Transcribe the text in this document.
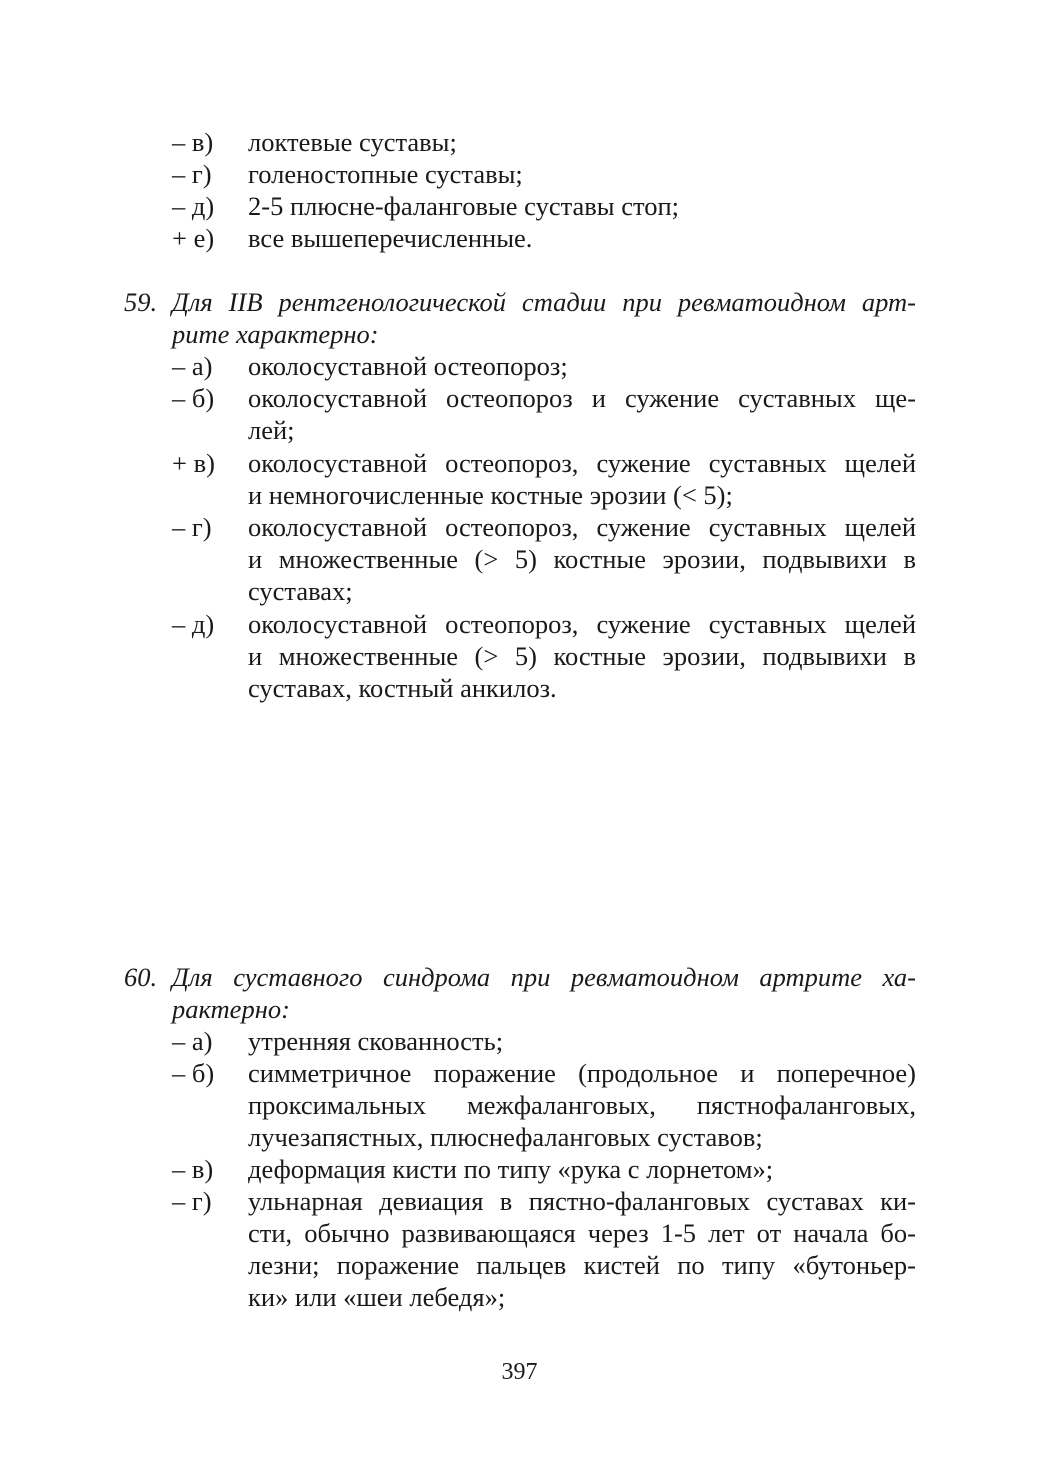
– в)	локтевые суставы;
– г)	голеностопные суставы;
– д)	2-5 плюсне-фаланговые суставы стоп;
+ е)	все вышеперечисленные.
59. Для IIВ рентгенологической стадии при ревматоидном арт-
рите характерно:
– а)	околосуставной остеопороз;
– б)	околосуставной остеопороз и сужение суставных ще-
лей;
+ в)	околосуставной остеопороз, сужение суставных щелей
и немногочисленные костные эрозии (< 5);
– г)	околосуставной остеопороз, сужение суставных щелей
и множественные (> 5) костные эрозии, подвывихи в
суставах;
– д)	околосуставной остеопороз, сужение суставных щелей
и множественные (> 5) костные эрозии, подвывихи в
суставах, костный анкилоз.
60. Для суставного синдрома при ревматоидном артрите ха-
рактерно:
– а)	утренняя скованность;
– б)	симметричное поражение (продольное и поперечное)
проксимальных межфаланговых, пястнофаланговых,
лучезапястных, плюснефаланговых суставов;
– в)	деформация кисти по типу «рука с лорнетом»;
– г)	ульнарная девиация в пястно-фаланговых суставах ки-
сти, обычно развивающаяся через 1-5 лет от начала бо-
лезни; поражение пальцев кистей по типу «бутоньер-
ки» или «шеи лебедя»;
397
